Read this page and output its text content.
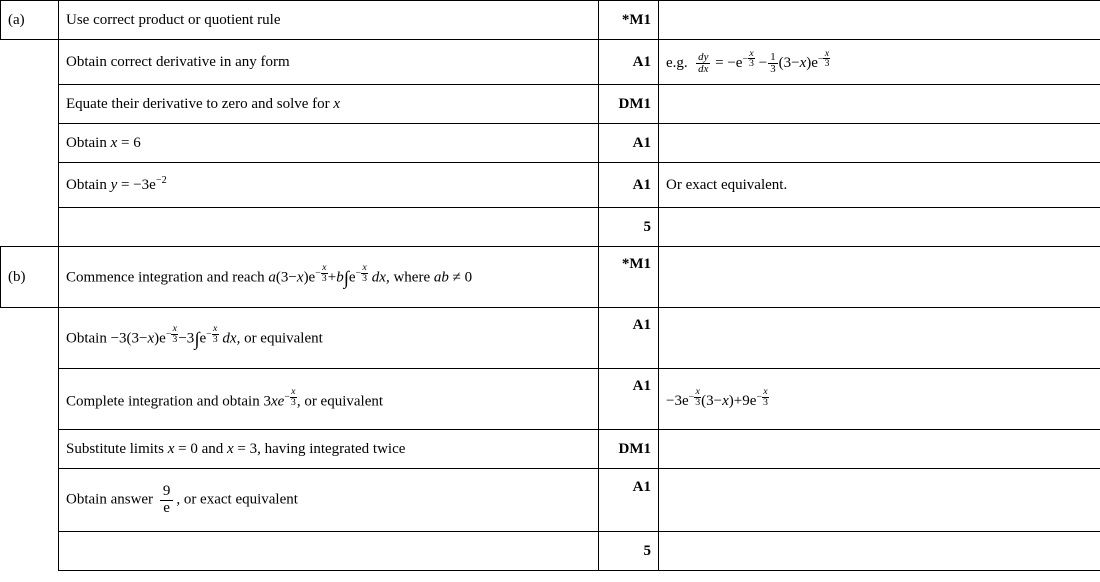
(a)	Use correct product or quotient rule	*M1	
	Obtain correct derivative in any form	A1	e.g. $\frac{dy}{dx} = -e- \frac{x}{3} - \frac{1}{3} (3-x)e- \frac{x}{3}$

	Equate their derivative to zero and solve for x	DM1	
	Obtain x = 6	A1	
	Obtain $y = -3e^{-2}$	A1	Or exact equivalent.
		5	
(b)	Commence integration and reach $a(3-x)e- \frac{x}{3} +b\int e- \frac{x}{3}$ dx, where ab ≠ 0	*M1	
	Obtain $-3(3-x)e- \frac{x}{3} -3\int e- \frac{x}{3}$ dx, or equivalent	A1	
	Complete integration and obtain $3xe- \frac{x}{3}$ , or equivalent	A1	$-3e- \frac{x}{3} (3-x)+9e- \frac{x}{3}$

	Substitute limits x = 0 and x = 3, having integrated twice	DM1	
	Obtain answer $\frac{9}{e}$ , or exact equivalent	A1	
		5	
